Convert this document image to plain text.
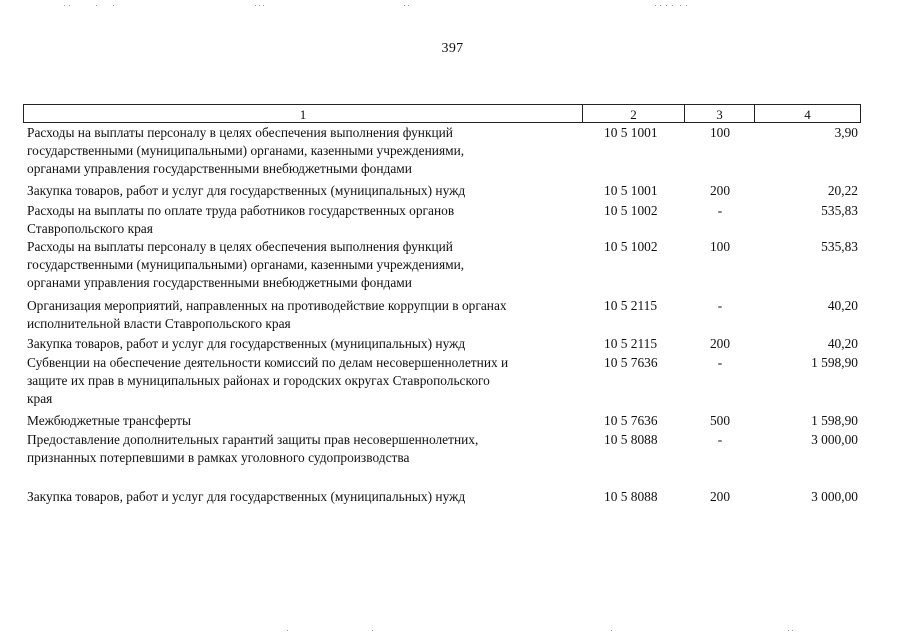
397
1	2	3	4
Расходы на выплаты персоналу в целях обеспечения выполнения функций
государственными (муниципальными) органами, казенными учреждениями,
органами управления государственными внебюджетными фондами
10 5 1001	100	3,90
Закупка товаров, работ и услуг для государственных (муниципальных) нужд	10 5 1001	200	20,22
Расходы на выплаты по оплате труда работников государственных органов
Ставропольского края
10 5 1002	-	535,83
Расходы на выплаты персоналу в целях обеспечения выполнения функций
государственными (муниципальными) органами, казенными учреждениями,
органами управления государственными внебюджетными фондами
10 5 1002	100	535,83
Организация мероприятий, направленных на противодействие коррупции в органах
исполнительной власти Ставропольского края
10 5 2115	-	40,20
Закупка товаров, работ и услуг для государственных (муниципальных) нужд	10 5 2115	200	40,20
Субвенции на обеспечение деятельности комиссий по делам несовершеннолетних и
защите их прав в муниципальных районах и городских округах Ставропольского
края
10 5 7636	-	1 598,90
Межбюджетные трансферты	10 5 7636	500	1 598,90
Предоставление дополнительных гарантий защиты прав несовершеннолетних,
признанных потерпевшими в рамках уголовного судопроизводства
10 5 8088	-	3 000,00
Закупка товаров, работ и услуг для государственных (муниципальных) нужд	10 5 8088	200	3 000,00
